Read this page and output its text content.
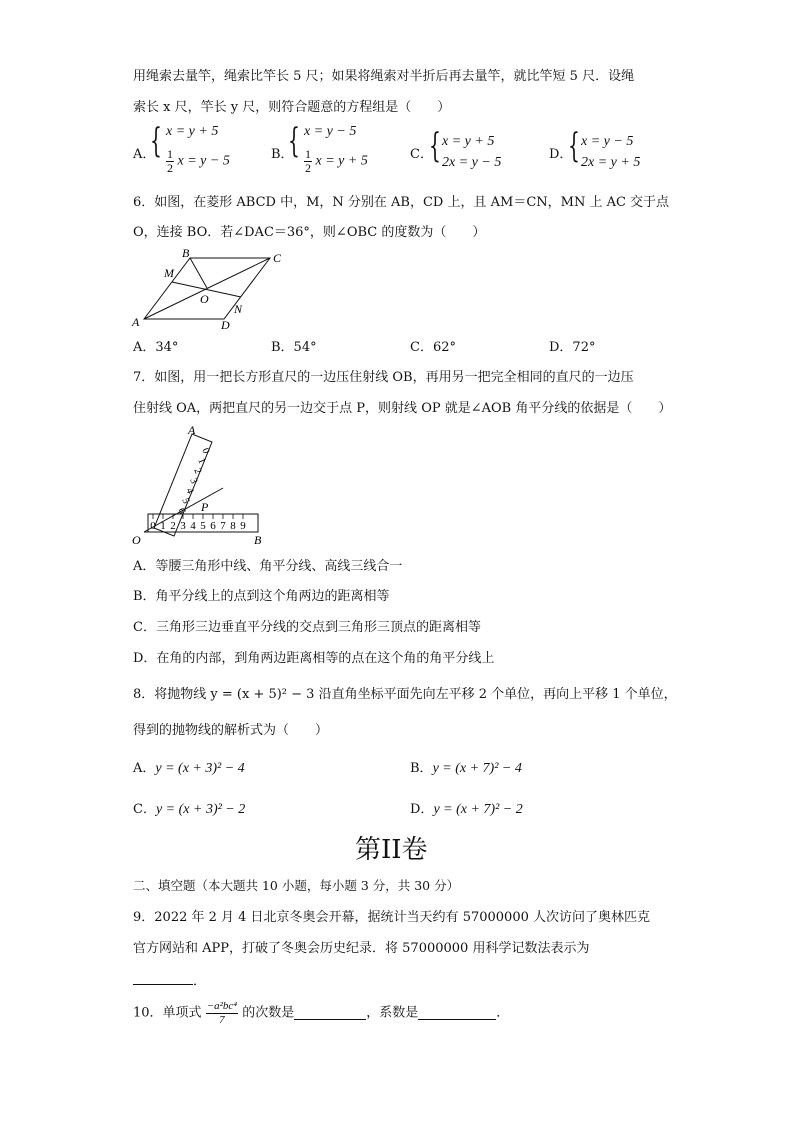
用绳索去量竿，绳索比竿长 5 尺；如果将绳索对半折后再去量竿，就比竿短 5 尺．设绳
索长 x 尺，竿长 y 尺，则符合题意的方程组是（　　）
A．
{ x = y + 5
$\frac{1}{2}$ x = y − 5	B．
{ x = y − 5
$\frac{1}{2}$ x = y + 5	C．
{ x = y + 5
2x = y − 5
D．
{ x = y − 5
2x = y + 5
6．如图，在菱形 ABCD 中，M，N 分别在 AB，CD 上，且 AM＝CN，MN 上 AC 交于点
O，连接 BO．若∠DAC＝36°，则∠OBC 的度数为（　　）
A
B	C
D
M
N
O
A．34°	B．54°	C．62°	D．72°
7．如图，用一把长方形直尺的一边压住射线 OB，再用另一把完全相同的直尺的一边压
住射线 OA，两把直尺的另一边交于点 P，则射线 OP 就是∠AOB 角平分线的依据是（　　）
0 1 2 3 4 5 6 7 8 9
0
1
2
3
4
5
6
A
O	B
P
A．等腰三角形中线、角平分线、高线三线合一
B．角平分线上的点到这个角两边的距离相等
C．三角形三边垂直平分线的交点到三角形三顶点的距离相等
D．在角的内部，到角两边距离相等的点在这个角的角平分线上
8．将抛物线 y = (x + 5)² − 3 沿直角坐标平面先向左平移 2 个单位，再向上平移 1 个单位，
得到的抛物线的解析式为（　　）
A．y = (x + 3)² − 4	B．y = (x + 7)² − 4
C．y = (x + 3)² − 2	D．y = (x + 7)² − 2
第II卷
二、填空题（本大题共 10 小题，每小题 3 分，共 30 分）
9．2022 年 2 月 4 日北京冬奥会开幕，据统计当天约有 57000000 人次访问了奥林匹克
官方网站和 APP，打破了冬奥会历史纪录．将 57000000 用科学记数法表示为
．
10．单项式 $\frac{\text{−a²bc⁴}}{7}$ 的次数是	，系数是	．
